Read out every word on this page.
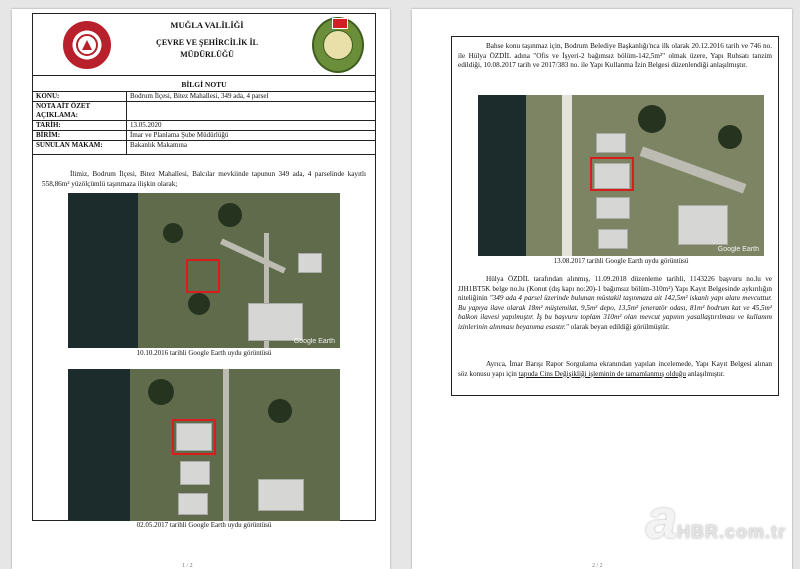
MUĞLA VALİLİĞİ
ÇEVRE VE ŞEHİRCİLİK İL
MÜDÜRLÜĞÜ
BİLGİ NOTU
KONU:	Bodrum İlçesi, Bitez Mahallesi, 349 ada, 4 parsel
NOTA AİT ÖZET AÇIKLAMA:	
TARİH:	13.05.2020
BİRİM:	İmar ve Planlama Şube Müdürlüğü
SUNULAN MAKAM:	Bakanlık Makamına

İlimiz, Bodrum İlçesi, Bitez Mahallesi, Balcılar mevkiinde tapunun 349 ada, 4 parselinde kayıtlı 558,86m² yüzölçümlü taşınmaza ilişkin olarak;

Google Earth
10.10.2016 tarihli Google Earth uydu görüntüsü
02.05.2017 tarihli Google Earth uydu görüntüsü
1 / 2

Bahse konu taşınmaz için, Bodrum Belediye Başkanlığı'nca ilk olarak 20.12.2016 tarih ve 746 no. ile Hülya ÖZDİL adına "Ofis ve İşyeri-2 bağımsız bölüm-142,5m²" olmak üzere, Yapı Ruhsatı tanzim edildiği, 10.08.2017 tarih ve 2017/383 no. ile Yapı Kullanma İzin Belgesi düzenlendiği anlaşılmıştır.

Google Earth
13.08.2017 tarihli Google Earth uydu görüntüsü

Hülya ÖZDİL tarafından alınmış, 11.09.2018 düzenleme tarihli, 1143226 başvuru no.lu ve JJH1BT5K belge no.lu (Konut (dış kapı no:20)-1 bağımsız bölüm-310m²) Yapı Kayıt Belgesinde aykırılığın niteliğinin "349 ada 4 parsel üzerinde bulunan müstakil taşınmaza ait 142,5m² iskanlı yapı alanı mevcuttur. Bu yapıya ilave olarak 18m² müştemilat, 9,5m² depo, 13,5m² jeneratör odası, 81m² bodrum kat ve 45,5m² balkon ilavesi yapılmıştır. İş bu başvuru toplam 310m² olan mevcut yapının yasallaştırılması ve kullanım izinlerinin alınması beyanıma esastır." olarak beyan edildiği görülmüştür.

Ayrıca, İmar Barışı Rapor Sorgulama ekranından yapılan incelemede, Yapı Kayıt Belgesi alınan söz konusu yapı için tapuda Cins Değişikliği işleminin de tamamlanmış olduğu anlaşılmıştır.

2 / 2
aHBR.com.tr
